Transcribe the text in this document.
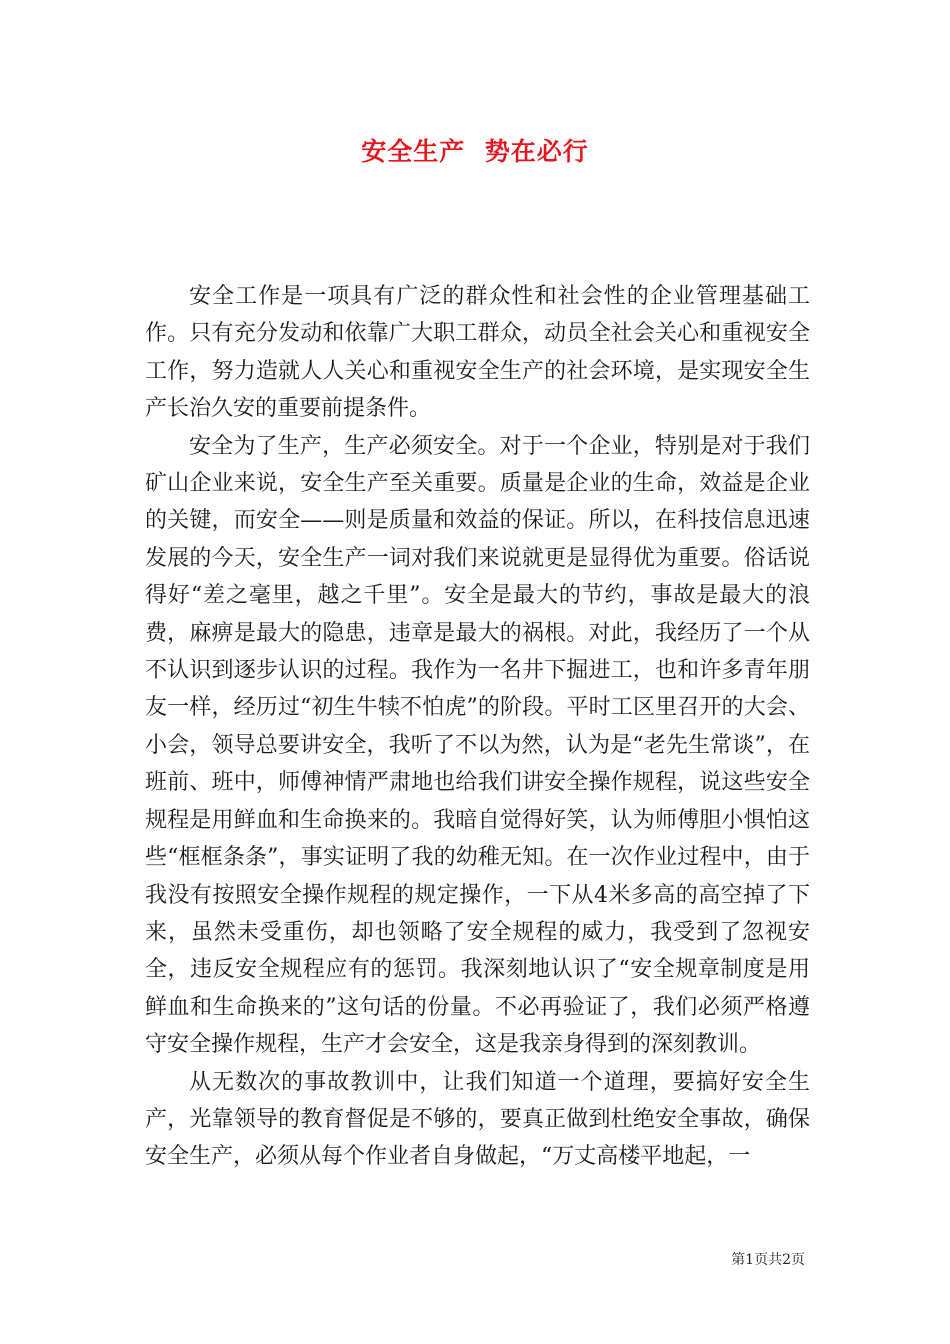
安全生产  势在必行

安全工作是一项具有广泛的群众性和社会性的企业管理基础工作。只有充分发动和依靠广大职工群众，动员全社会关心和重视安全工作，努力造就人人关心和重视安全生产的社会环境，是实现安全生产长治久安的重要前提条件。

安全为了生产，生产必须安全。对于一个企业，特别是对于我们矿山企业来说，安全生产至关重要。质量是企业的生命，效益是企业的关键，而安全——则是质量和效益的保证。所以，在科技信息迅速发展的今天，安全生产一词对我们来说就更是显得优为重要。俗话说得好“差之毫里，越之千里”。安全是最大的节约，事故是最大的浪费，麻痹是最大的隐患，违章是最大的祸根。对此，我经历了一个从不认识到逐步认识的过程。我作为一名井下掘进工，也和许多青年朋友一样，经历过“初生牛犊不怕虎”的阶段。平时工区里召开的大会、小会，领导总要讲安全，我听了不以为然，认为是“老先生常谈”，在班前、班中，师傅神情严肃地也给我们讲安全操作规程，说这些安全规程是用鲜血和生命换来的。我暗自觉得好笑，认为师傅胆小惧怕这些“框框条条”，事实证明了我的幼稚无知。在一次作业过程中，由于我没有按照安全操作规程的规定操作，一下从4米多高的高空掉了下来，虽然未受重伤，却也领略了安全规程的威力，我受到了忽视安全，违反安全规程应有的惩罚。我深刻地认识了“安全规章制度是用鲜血和生命换来的”这句话的份量。不必再验证了，我们必须严格遵守安全操作规程，生产才会安全，这是我亲身得到的深刻教训。

从无数次的事故教训中，让我们知道一个道理，要搞好安全生产，光靠领导的教育督促是不够的，要真正做到杜绝安全事故，确保安全生产，必须从每个作业者自身做起，“万丈高楼平地起，一

第1页共2页
